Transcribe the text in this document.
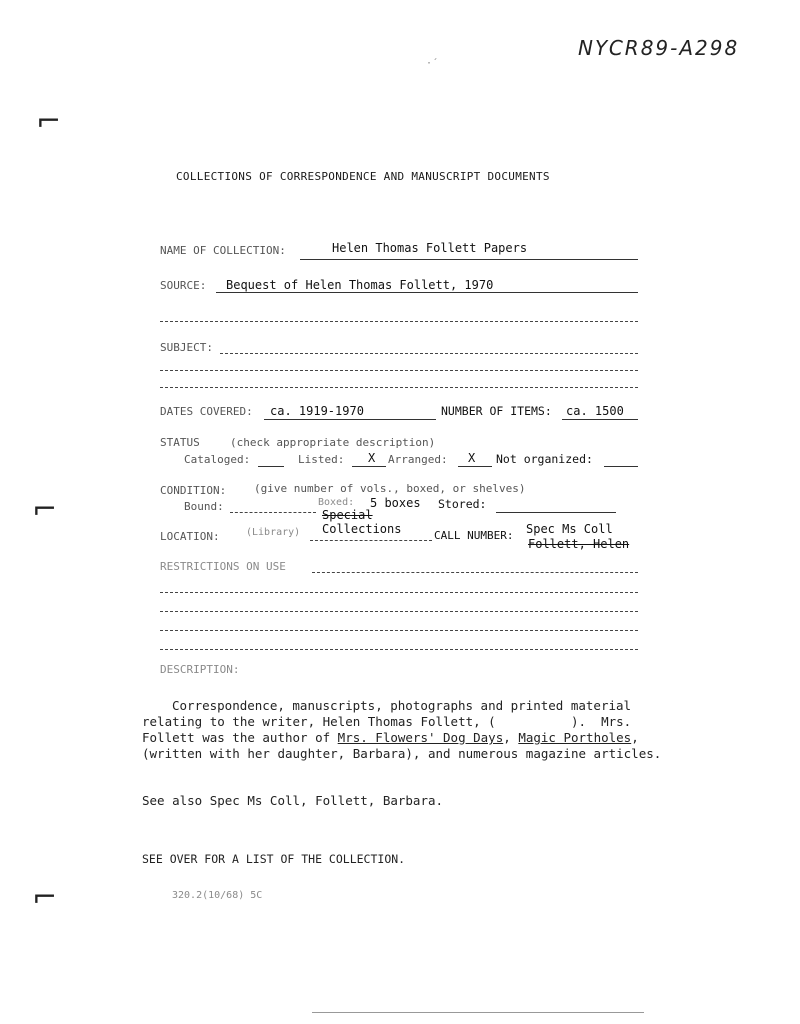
NYCR89-A298
·´
⌐
⌐
⌐
COLLECTIONS OF CORRESPONDENCE AND MANUSCRIPT DOCUMENTS
NAME OF COLLECTION:	Helen Thomas Follett Papers
SOURCE: Bequest of Helen Thomas Follett, 1970
SUBJECT:
DATES COVERED: ca. 1919-1970	NUMBER OF ITEMS: ca. 1500
STATUS	(check appropriate description)
Cataloged:	Listed: X Arranged: X Not organized:
CONDITION:	(give number of vols., boxed, or shelves)
Bound:	Boxed: 5 boxes Stored:
LOCATION:	(Library)
Special
Collections	CALL NUMBER: Spec Ms Coll
Follett, Helen
RESTRICTIONS ON USE
DESCRIPTION:
Correspondence, manuscripts, photographs and printed material
relating to the writer, Helen Thomas Follett, (          ).  Mrs.
Follett was the author of Mrs. Flowers' Dog Days, Magic Portholes,
(written with her daughter, Barbara), and numerous magazine articles.
See also Spec Ms Coll, Follett, Barbara.
SEE OVER FOR A LIST OF THE COLLECTION.
320.2(10/68) 5C
